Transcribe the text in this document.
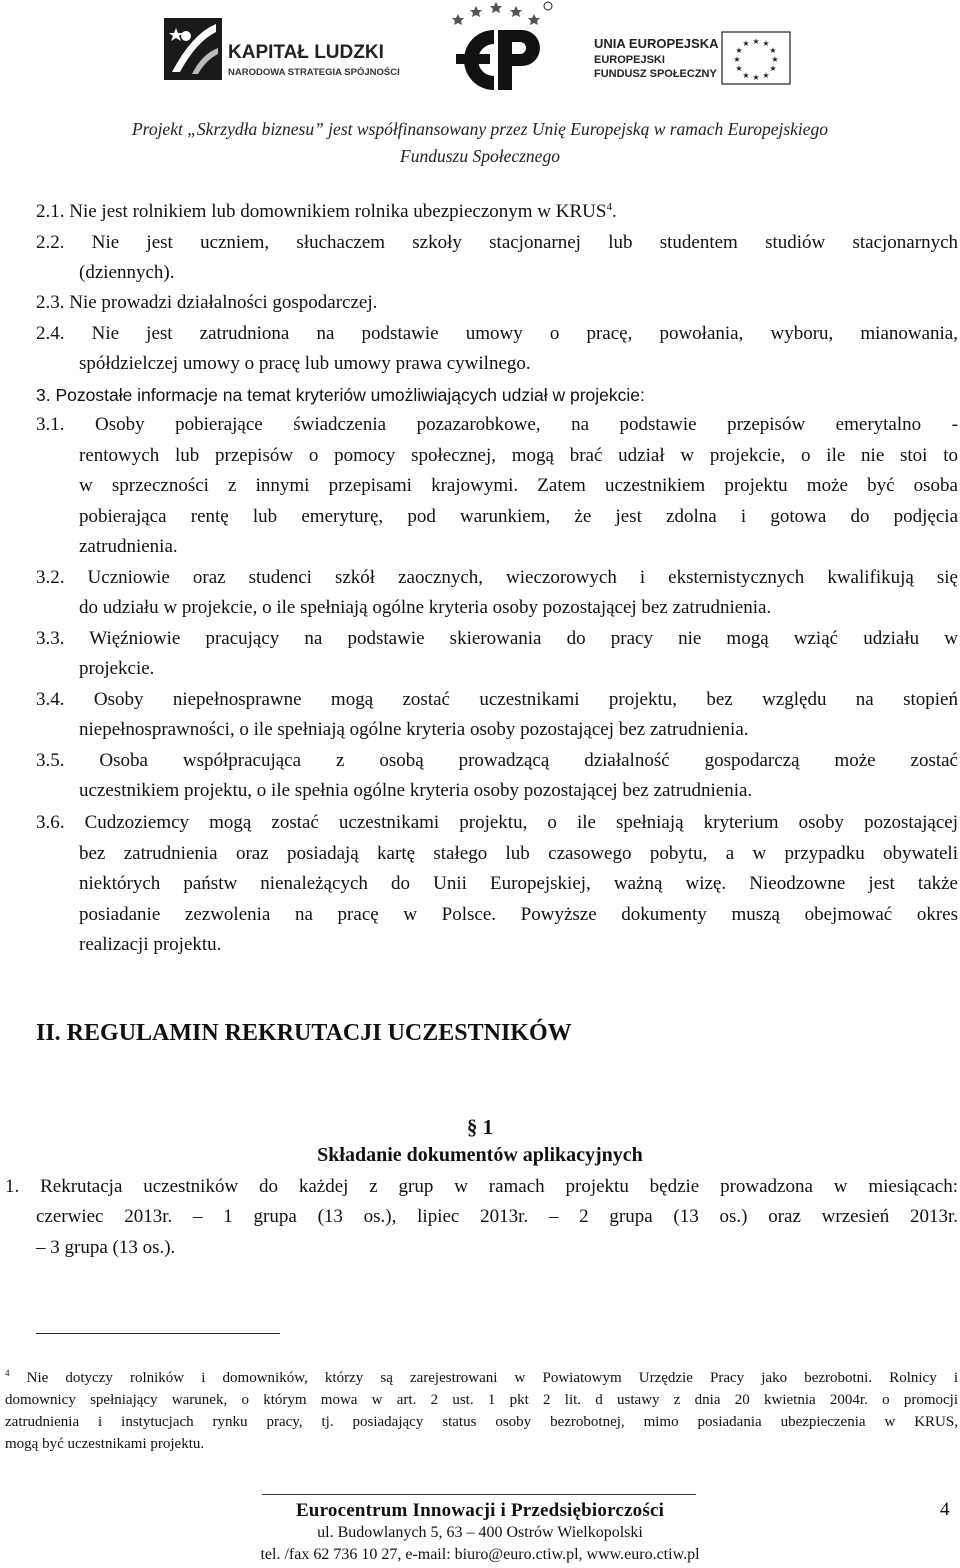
KAPITAŁ LUDZKI
NARODOWA STRATEGIA SPÓJNOŚCI
UNIA EUROPEJSKA
EUROPEJSKI
FUNDUSZ SPOŁECZNY
★ ★
★
★
★
★
★
★
★
★
★
★
Projekt „Skrzydła biznesu” jest współfinansowany przez Unię Europejską w ramach Europejskiego
Funduszu Społecznego
2.1. Nie jest rolnikiem lub domownikiem rolnika ubezpieczonym w KRUS$^4$.
2.2. Nie jest uczniem, słuchaczem szkoły stacjonarnej lub studentem studiów stacjonarnych
(dziennych).
2.3. Nie prowadzi działalności gospodarczej.
2.4. Nie jest zatrudniona na podstawie umowy o pracę, powołania, wyboru, mianowania,
spółdzielczej umowy o pracę lub umowy prawa cywilnego.
3. Pozostałe informacje na temat kryteriów umożliwiających udział w projekcie:
3.1. Osoby pobierające świadczenia pozazarobkowe, na podstawie przepisów emerytalno -
rentowych lub przepisów o pomocy społecznej, mogą brać udział w projekcie, o ile nie stoi to
w sprzeczności z innymi przepisami krajowymi. Zatem uczestnikiem projektu może być osoba
pobierająca rentę lub emeryturę, pod warunkiem, że jest zdolna i gotowa do podjęcia
zatrudnienia.
3.2. Uczniowie oraz studenci szkół zaocznych, wieczorowych i eksternistycznych kwalifikują się
do udziału w projekcie, o ile spełniają ogólne kryteria osoby pozostającej bez zatrudnienia.
3.3. Więźniowie pracujący na podstawie skierowania do pracy nie mogą wziąć udziału w
projekcie.
3.4. Osoby niepełnosprawne mogą zostać uczestnikami projektu, bez względu na stopień
niepełnosprawności, o ile spełniają ogólne kryteria osoby pozostającej bez zatrudnienia.
3.5. Osoba współpracująca z osobą prowadzącą działalność gospodarczą może zostać
uczestnikiem projektu, o ile spełnia ogólne kryteria osoby pozostającej bez zatrudnienia.
3.6. Cudzoziemcy mogą zostać uczestnikami projektu, o ile spełniają kryterium osoby pozostającej
bez zatrudnienia oraz posiadają kartę stałego lub czasowego pobytu, a w przypadku obywateli
niektórych państw nienależących do Unii Europejskiej, ważną wizę. Nieodzowne jest także
posiadanie zezwolenia na pracę w Polsce. Powyższe dokumenty muszą obejmować okres
realizacji projektu.
II. REGULAMIN REKRUTACJI UCZESTNIKÓW
§ 1
Składanie dokumentów aplikacyjnych
1. Rekrutacja uczestników do każdej z grup w ramach projektu będzie prowadzona w miesiącach:
czerwiec 2013r. – 1 grupa (13 os.), lipiec 2013r. – 2 grupa (13 os.) oraz wrzesień 2013r.
– 3 grupa (13 os.).
$^4$ Nie dotyczy rolników i domowników, którzy są zarejestrowani w Powiatowym Urzędzie Pracy jako bezrobotni. Rolnicy i
domownicy spełniający warunek, o którym mowa w art. 2 ust. 1 pkt 2 lit. d ustawy z dnia 20 kwietnia 2004r. o promocji
zatrudnienia i instytucjach rynku pracy, tj. posiadający status osoby bezrobotnej, mimo posiadania ubezpieczenia w KRUS,
mogą być uczestnikami projektu.
Eurocentrum Innowacji i Przedsiębiorczości
ul. Budowlanych 5, 63 – 400 Ostrów Wielkopolski
tel. /fax 62 736 10 27, e-mail: biuro@euro.ctiw.pl, www.euro.ctiw.pl
4
